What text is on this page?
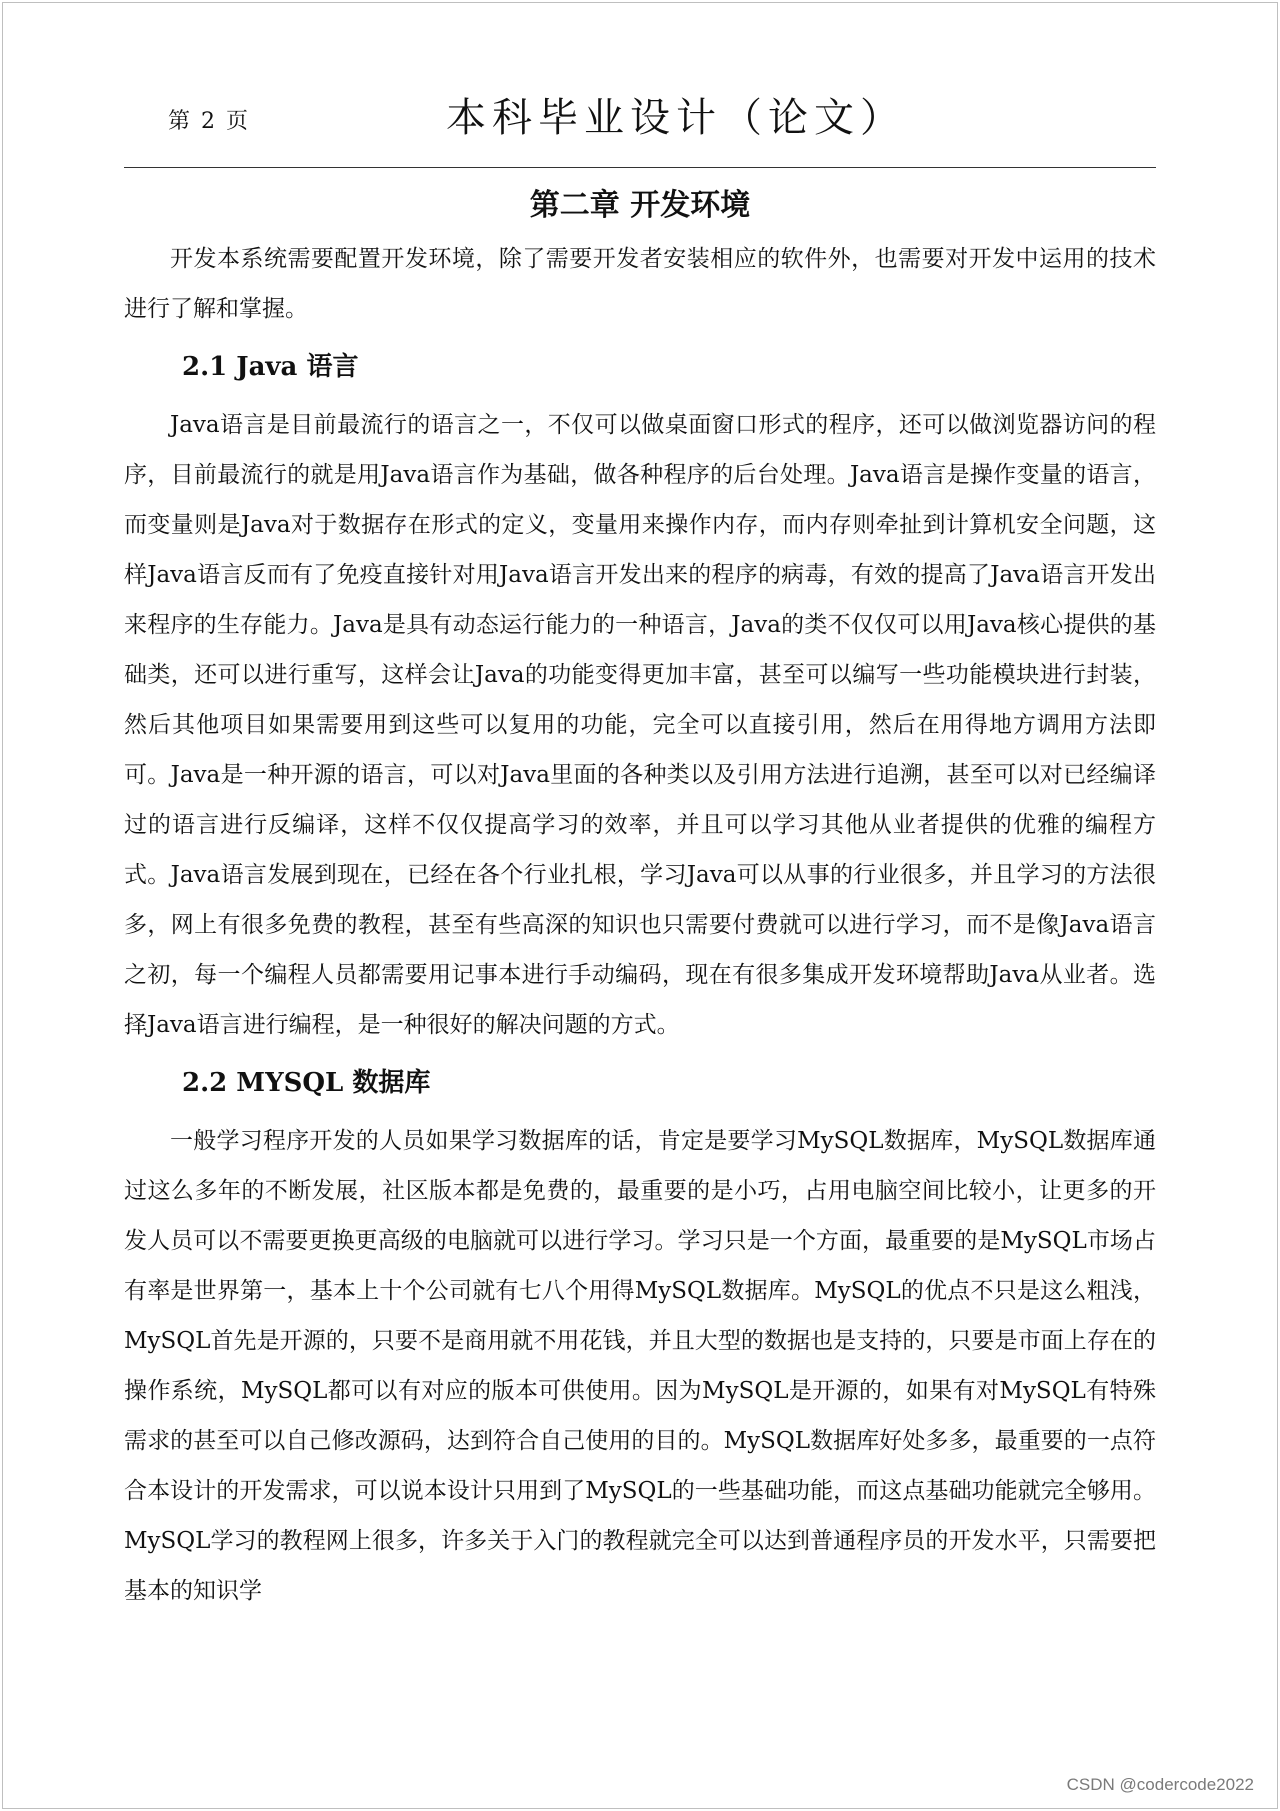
第 2 页	本科毕业设计（论文）
第二章 开发环境

开发本系统需要配置开发环境，除了需要开发者安装相应的软件外，也需要对开发中运用的技术进行了解和掌握。

2.1 Java 语言

Java语言是目前最流行的语言之一，不仅可以做桌面窗口形式的程序，还可以做浏览器访问的程序，目前最流行的就是用Java语言作为基础，做各种程序的后台处理。Java语言是操作变量的语言，而变量则是Java对于数据存在形式的定义，变量用来操作内存，而内存则牵扯到计算机安全问题，这样Java语言反而有了免疫直接针对用Java语言开发出来的程序的病毒，有效的提高了Java语言开发出来程序的生存能力。Java是具有动态运行能力的一种语言，Java的类不仅仅可以用Java核心提供的基础类，还可以进行重写，这样会让Java的功能变得更加丰富，甚至可以编写一些功能模块进行封装，然后其他项目如果需要用到这些可以复用的功能，完全可以直接引用，然后在用得地方调用方法即可。Java是一种开源的语言，可以对Java里面的各种类以及引用方法进行追溯，甚至可以对已经编译过的语言进行反编译，这样不仅仅提高学习的效率，并且可以学习其他从业者提供的优雅的编程方式。Java语言发展到现在，已经在各个行业扎根，学习Java可以从事的行业很多，并且学习的方法很多，网上有很多免费的教程，甚至有些高深的知识也只需要付费就可以进行学习，而不是像Java语言之初，每一个编程人员都需要用记事本进行手动编码，现在有很多集成开发环境帮助Java从业者。选择Java语言进行编程，是一种很好的解决问题的方式。

2.2 MYSQL 数据库

一般学习程序开发的人员如果学习数据库的话，肯定是要学习MySQL数据库，MySQL数据库通过这么多年的不断发展，社区版本都是免费的，最重要的是小巧，占用电脑空间比较小，让更多的开发人员可以不需要更换更高级的电脑就可以进行学习。学习只是一个方面，最重要的是MySQL市场占有率是世界第一，基本上十个公司就有七八个用得MySQL数据库。MySQL的优点不只是这么粗浅，MySQL首先是开源的，只要不是商用就不用花钱，并且大型的数据也是支持的，只要是市面上存在的操作系统，MySQL都可以有对应的版本可供使用。因为MySQL是开源的，如果有对MySQL有特殊需求的甚至可以自己修改源码，达到符合自己使用的目的。MySQL数据库好处多多，最重要的一点符合本设计的开发需求，可以说本设计只用到了MySQL的一些基础功能，而这点基础功能就完全够用。MySQL学习的教程网上很多，许多关于入门的教程就完全可以达到普通程序员的开发水平，只需要把基本的知识学

CSDN @codercode2022
